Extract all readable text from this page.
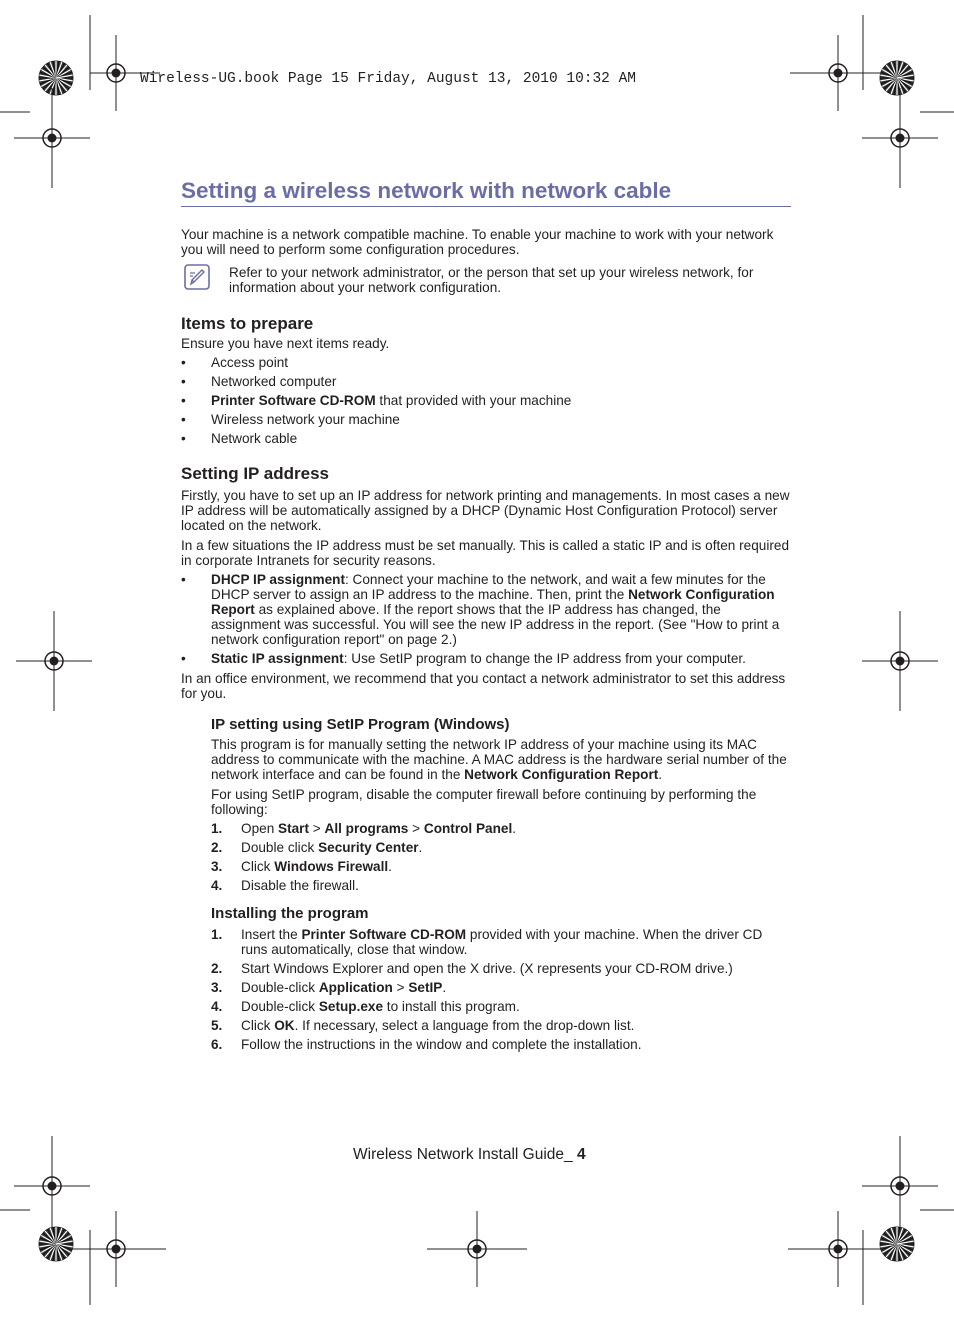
Wireless-UG.book Page 15 Friday, August 13, 2010 10:32 AM
Setting a wireless network with network cable

Your machine is a network compatible machine. To enable your machine to work with your network you will need to perform some configuration procedures.

Refer to your network administrator, or the person that set up your wireless network, for information about your network configuration.

Items to prepare

Ensure you have next items ready.

• Access point
• Networked computer
• Printer Software CD-ROM that provided with your machine
• Wireless network your machine
• Network cable
Setting IP address

Firstly, you have to set up an IP address for network printing and managements. In most cases a new IP address will be automatically assigned by a DHCP (Dynamic Host Configuration Protocol) server located on the network.

In a few situations the IP address must be set manually. This is called a static IP and is often required in corporate Intranets for security reasons.

• DHCP IP assignment: Connect your machine to the network, and wait a few minutes for the DHCP server to assign an IP address to the machine. Then, print the Network Configuration Report as explained above. If the report shows that the IP address has changed, the assignment was successful. You will see the new IP address in the report. (See "How to print a network configuration report" on page 2.)
• Static IP assignment: Use SetIP program to change the IP address from your computer.

In an office environment, we recommend that you contact a network administrator to set this address for you.

IP setting using SetIP Program (Windows)

This program is for manually setting the network IP address of your machine using its MAC address to communicate with the machine. A MAC address is the hardware serial number of the network interface and can be found in the Network Configuration Report.

For using SetIP program, disable the computer firewall before continuing by performing the following:

1. Open Start > All programs > Control Panel.
2. Double click Security Center.
3. Click Windows Firewall.
4. Disable the firewall.
Installing the program
1. Insert the Printer Software CD-ROM provided with your machine. When the driver CD runs automatically, close that window.
2. Start Windows Explorer and open the X drive. (X represents your CD-ROM drive.)
3. Double-click Application > SetIP.
4. Double-click Setup.exe to install this program.
5. Click OK. If necessary, select a language from the drop-down list.
6. Follow the instructions in the window and complete the installation.
Wireless Network Install Guide_ 4
